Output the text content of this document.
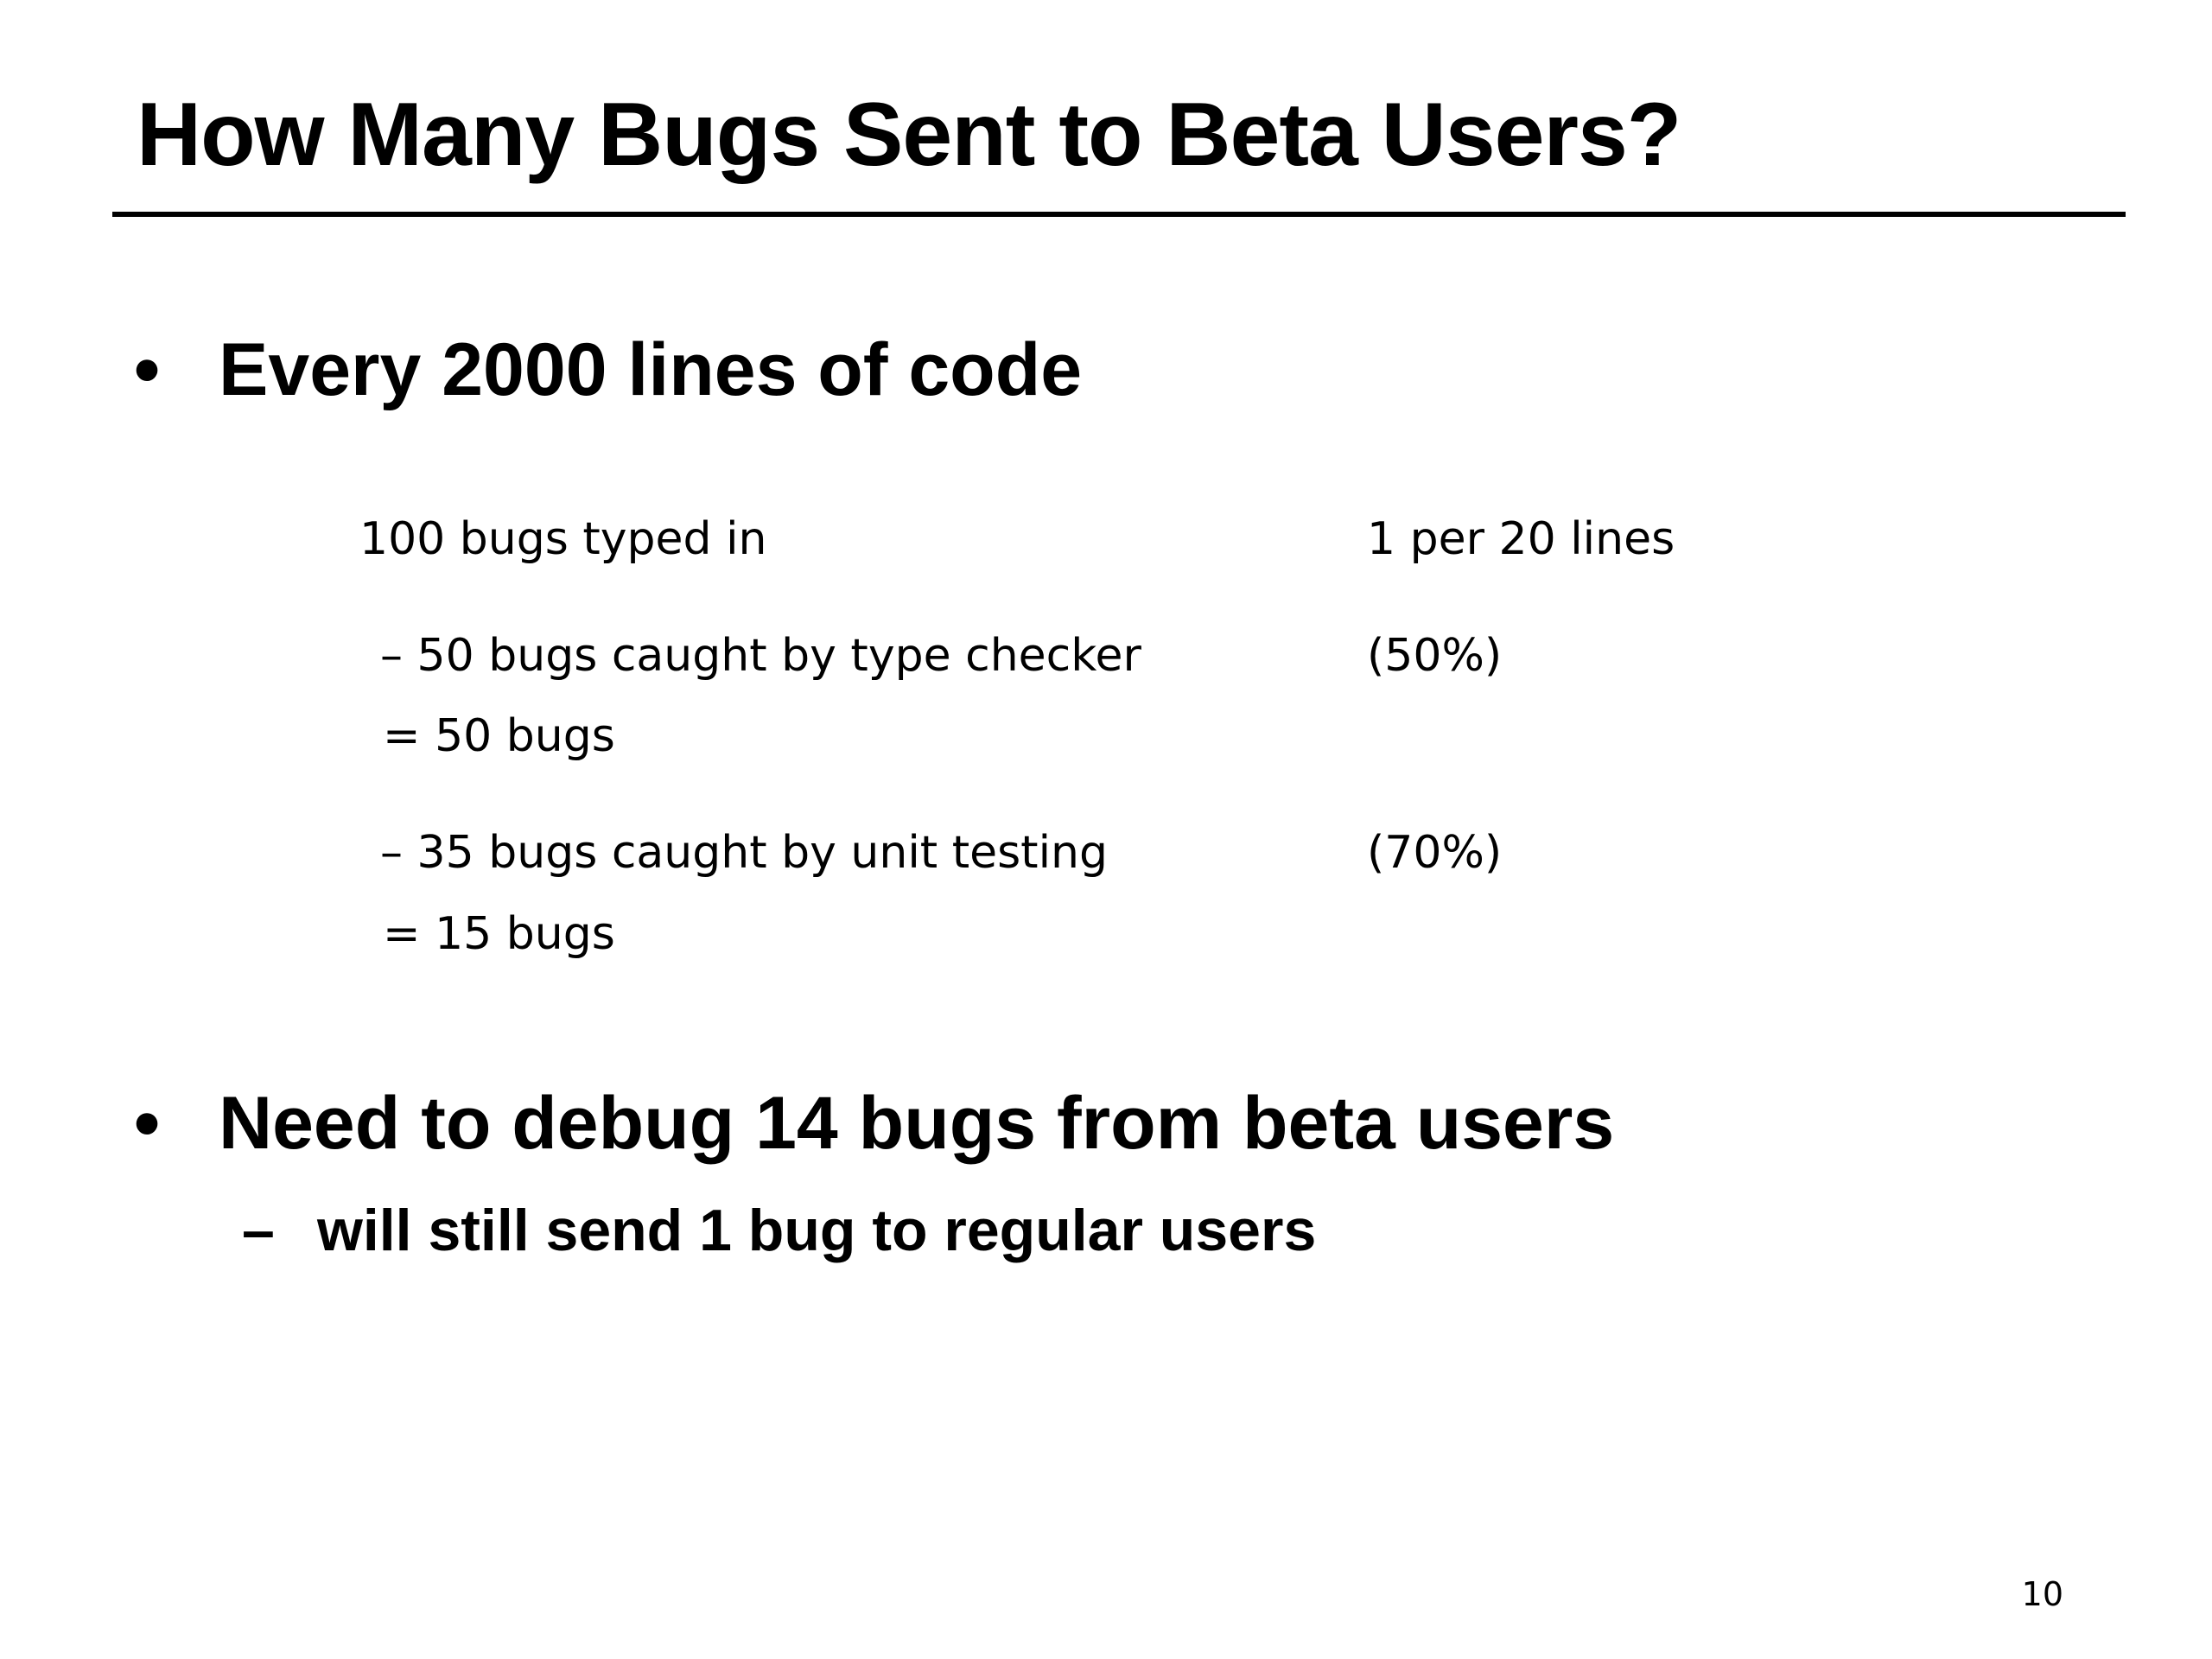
How Many Bugs Sent to Beta Users?
• Every 2000 lines of code
100 bugs typed in	1 per 20 lines
– 50 bugs caught by type checker	(50%)
= 50 bugs
– 35 bugs caught by unit testing	(70%)
= 15 bugs
• Need to debug 14 bugs from beta users
– will still send 1 bug to regular users
10
